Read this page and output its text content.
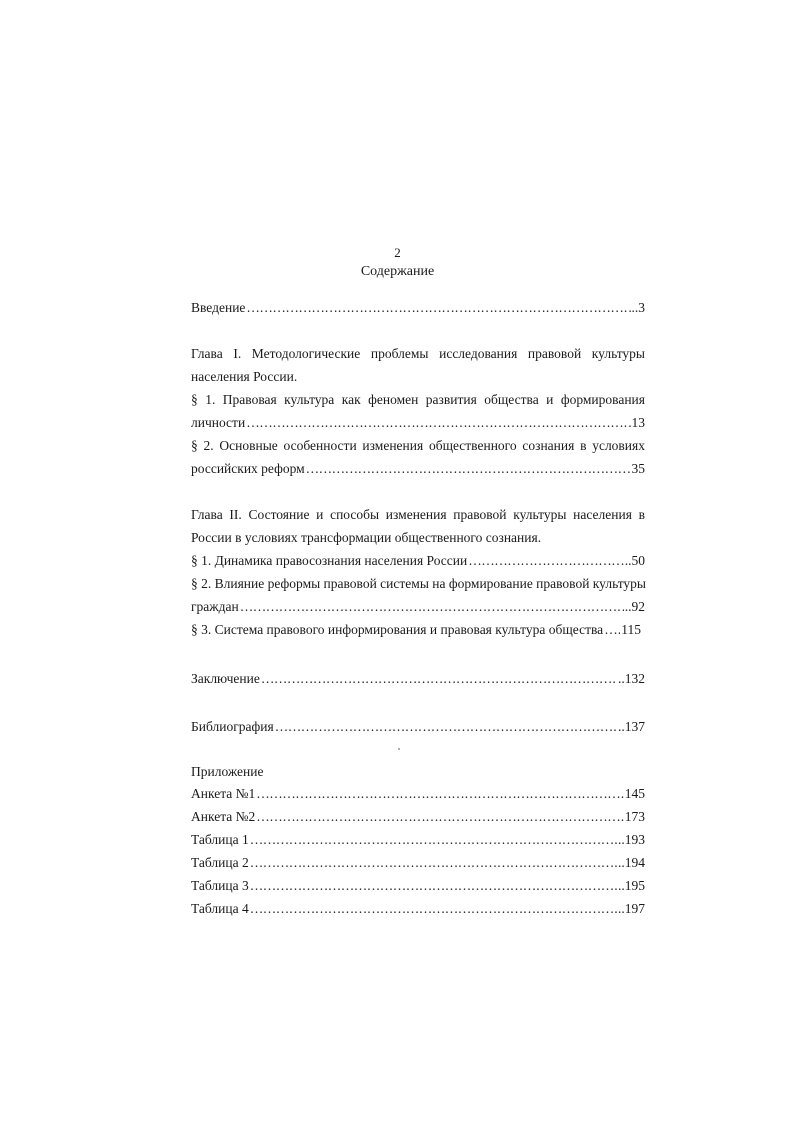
2
Содержание
Введение ……………………………………………………………………………………………………………………………………………………	..3
Глава I. Методологические проблемы исследования правовой культуры
населения России.
§ 1. Правовая культура как феномен развития общества и формирования
личности ……………………………………………………………………………………………………………………………………………………	13
§ 2. Основные особенности изменения общественного сознания в условиях
российских реформ ……………………………………………………………………………………………………………………………………………………	35
Глава II. Состояние и способы изменения правовой культуры населения в
России в условиях трансформации общественного сознания.
§ 1. Динамика правосознания населения России ……………………………………………………………………………………………………………………………………………………	..50
§ 2. Влияние реформы правовой системы на формирование правовой культуры
граждан ……………………………………………………………………………………………………………………………………………………	..92
§ 3. Система правового информирования и правовая культура общества …………………………………………………………………………………………………………………………………………………… 115
Заключение ……………………………………………………………………………………………………………………………………………………	..132
Библиография ……………………………………………………………………………………………………………………………………………………	..137
Приложение
Анкета №1 ……………………………………………………………………………………………………………………………………………………	145
Анкета №2 ……………………………………………………………………………………………………………………………………………………	173
Таблица 1 ……………………………………………………………………………………………………………………………………………………	..193
Таблица 2 ……………………………………………………………………………………………………………………………………………………	..194
Таблица 3 ……………………………………………………………………………………………………………………………………………………	..195
Таблица 4 ……………………………………………………………………………………………………………………………………………………	..197
